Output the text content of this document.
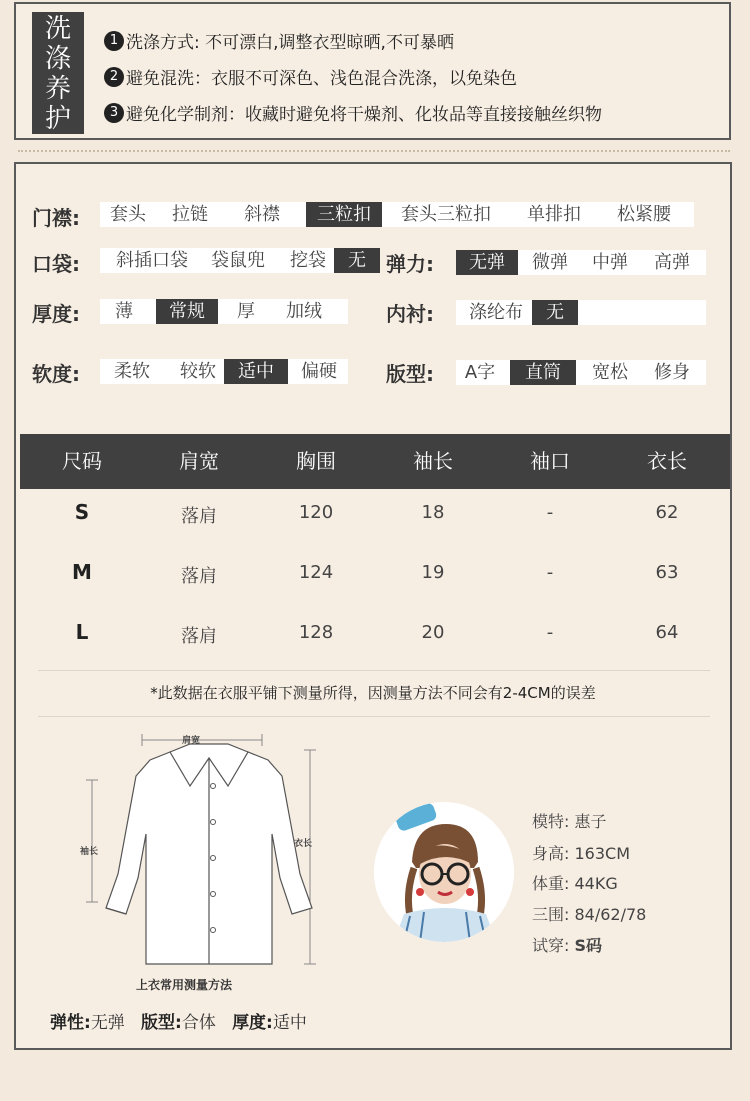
洗
涤
养
护
1 洗涤方式: 不可漂白,调整衣型晾晒,不可暴晒
2 避免混洗：衣服不可深色、浅色混合洗涤，以免染色
3 避免化学制剂：收藏时避免将干燥剂、化妆品等直接接触丝织物
门襟: 套头 拉链 斜襟	三粒扣	套头三粒扣	单排扣 松紧腰
口袋:	斜插口袋	袋鼠兜 挖袋	无	弹力:	无弹	微弹	中弹	高弹
厚度:	薄	常规	厚	加绒	内衬:	涤纶布	无
软度: 柔软	较软	适中	偏硬 版型: A字	直筒	宽松 修身
尺码	肩宽	胸围	袖长	袖口	衣长
S	落肩	120	18	-	62
M	落肩	124	19	-	63
L	落肩	128	20	-	64
*此数据在衣服平铺下测量所得，因测量方法不同会有2-4CM的误差
肩宽
袖长
衣长
上衣常用测量方法
模特: 惠子
身高: 163CM
体重: 44KG
三围: 84/62/78
试穿: S码
弹性:无弹 版型:合体 厚度:适中
